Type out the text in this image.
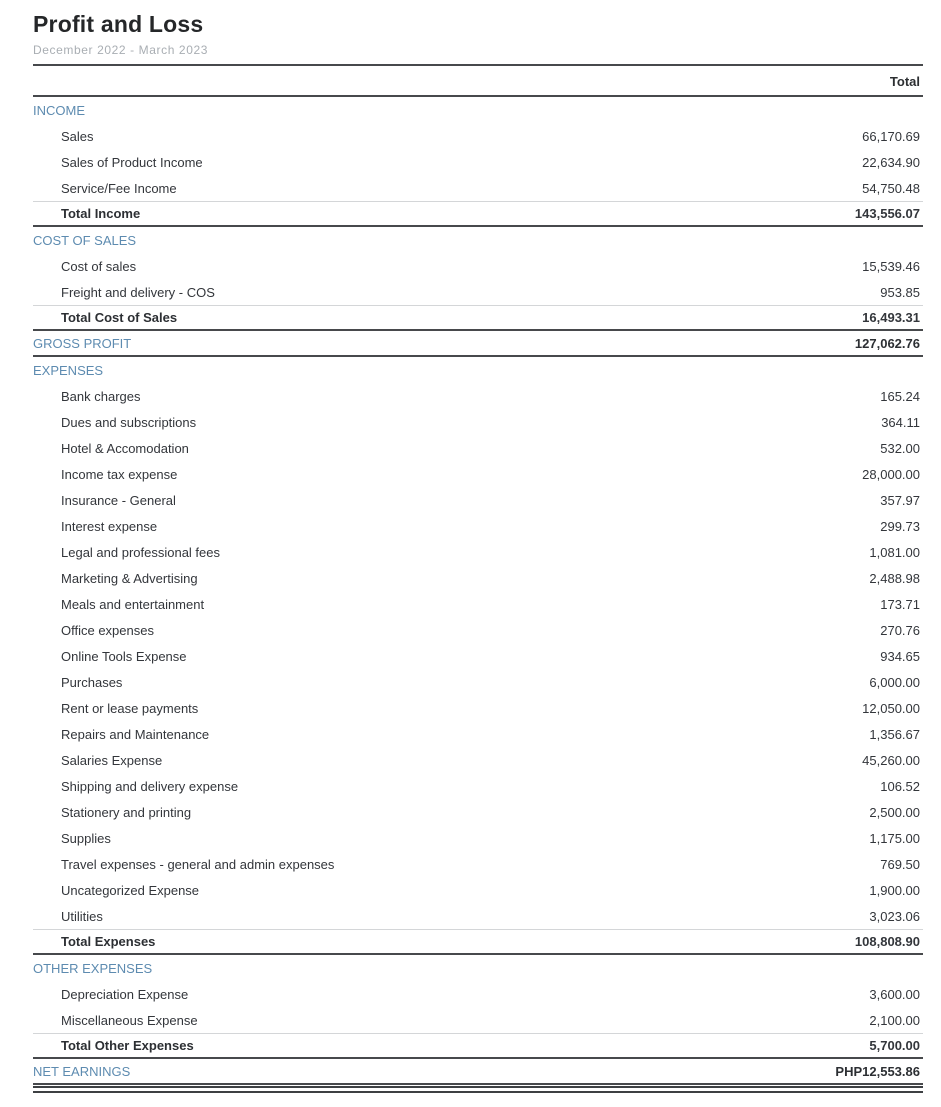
Profit and Loss
December 2022 - March 2023
Total
INCOME
Sales	66,170.69
Sales of Product Income	22,634.90
Service/Fee Income	54,750.48
Total Income	143,556.07
COST OF SALES
Cost of sales	15,539.46
Freight and delivery - COS	953.85
Total Cost of Sales	16,493.31
GROSS PROFIT	127,062.76
EXPENSES
Bank charges	165.24
Dues and subscriptions	364.11
Hotel & Accomodation	532.00
Income tax expense	28,000.00
Insurance - General	357.97
Interest expense	299.73
Legal and professional fees	1,081.00
Marketing & Advertising	2,488.98
Meals and entertainment	173.71
Office expenses	270.76
Online Tools Expense	934.65
Purchases	6,000.00
Rent or lease payments	12,050.00
Repairs and Maintenance	1,356.67
Salaries Expense	45,260.00
Shipping and delivery expense	106.52
Stationery and printing	2,500.00
Supplies	1,175.00
Travel expenses - general and admin expenses	769.50
Uncategorized Expense	1,900.00
Utilities	3,023.06
Total Expenses	108,808.90
OTHER EXPENSES
Depreciation Expense	3,600.00
Miscellaneous Expense	2,100.00
Total Other Expenses	5,700.00
NET EARNINGS	PHP12,553.86
